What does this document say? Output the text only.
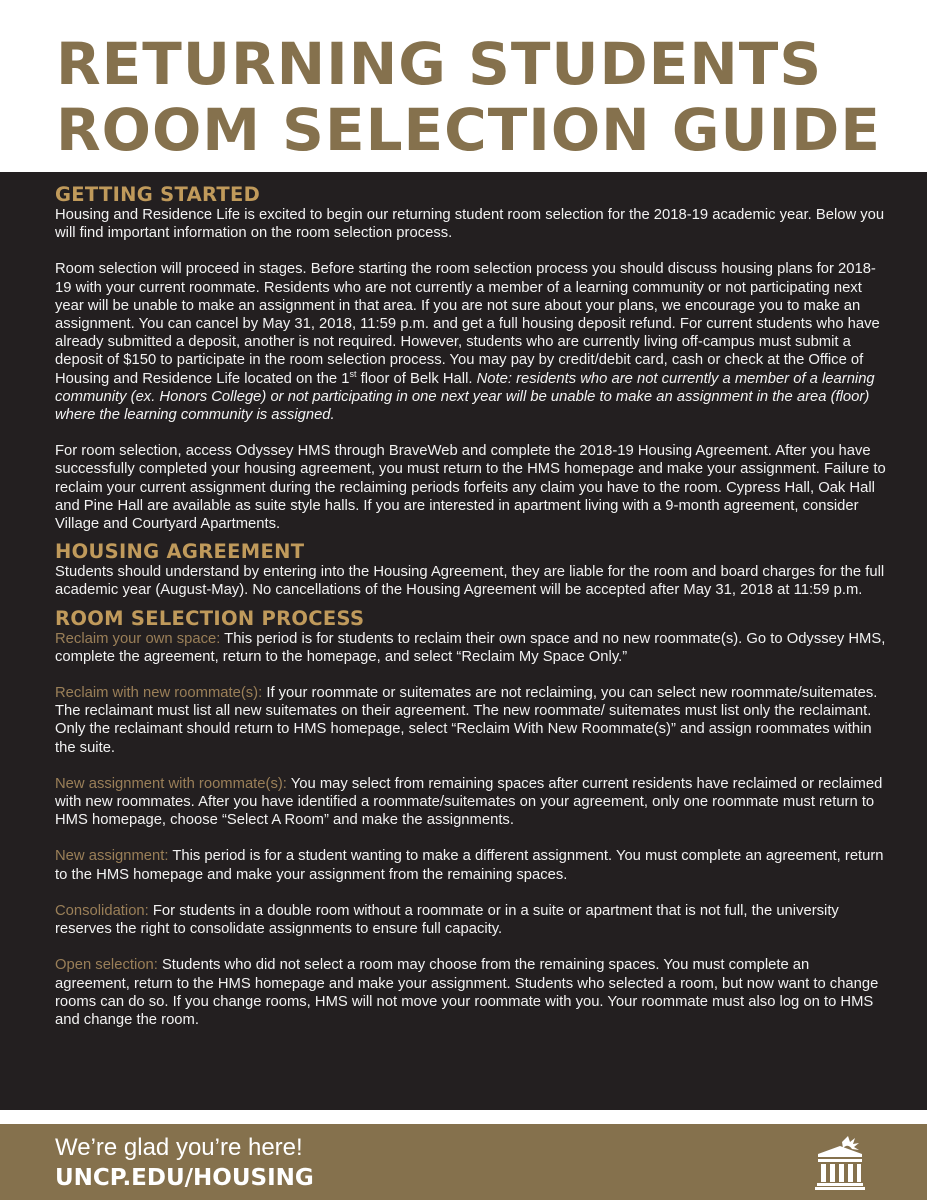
RETURNING STUDENTS
ROOM SELECTION GUIDE
GETTING STARTED

Housing and Residence Life is excited to begin our returning student room selection for the 2018-19 academic year. Below you will find important information on the room selection process.

Room selection will proceed in stages. Before starting the room selection process you should discuss housing plans for 2018-19 with your current roommate. Residents who are not currently a member of a learning community or not participating next year will be unable to make an assignment in that area. If you are not sure about your plans, we encourage you to make an assignment. You can cancel by May 31, 2018, 11:59 p.m. and get a full housing deposit refund. For current students who have already submitted a deposit, another is not required. However, students who are currently living off-campus must submit a deposit of $150 to participate in the room selection process. You may pay by credit/debit card, cash or check at the Office of Housing and Residence Life located on the 1st floor of Belk Hall. Note: residents who are not currently a member of a learning community (ex. Honors College) or not participating in one next year will be unable to make an assignment in the area (floor) where the learning community is assigned.

For room selection, access Odyssey HMS through BraveWeb and complete the 2018-19 Housing Agreement. After you have successfully completed your housing agreement, you must return to the HMS homepage and make your assignment. Failure to reclaim your current assignment during the reclaiming periods forfeits any claim you have to the room. Cypress Hall, Oak Hall and Pine Hall are available as suite style halls. If you are interested in apartment living with a 9-month agreement, consider Village and Courtyard Apartments.

HOUSING AGREEMENT

Students should understand by entering into the Housing Agreement, they are liable for the room and board charges for the full academic year (August-May). No cancellations of the Housing Agreement will be accepted after May 31, 2018 at 11:59 p.m.

ROOM SELECTION PROCESS

Reclaim your own space: This period is for students to reclaim their own space and no new roommate(s). Go to Odyssey HMS, complete the agreement, return to the homepage, and select “Reclaim My Space Only.”

Reclaim with new roommate(s): If your roommate or suitemates are not reclaiming, you can select new roommate/suitemates. The reclaimant must list all new suitemates on their agreement. The new roommate/ suitemates must list only the reclaimant. Only the reclaimant should return to HMS homepage, select “Reclaim With New Roommate(s)” and assign roommates within the suite.

New assignment with roommate(s): You may select from remaining spaces after current residents have reclaimed or reclaimed with new roommates. After you have identified a roommate/suitemates on your agreement, only one roommate must return to HMS homepage, choose “Select A Room” and make the assignments.

New assignment: This period is for a student wanting to make a different assignment. You must complete an agreement, return to the HMS homepage and make your assignment from the remaining spaces.

Consolidation: For students in a double room without a roommate or in a suite or apartment that is not full, the university reserves the right to consolidate assignments to ensure full capacity.

Open selection: Students who did not select a room may choose from the remaining spaces. You must complete an agreement, return to the HMS homepage and make your assignment. Students who selected a room, but now want to change rooms can do so. If you change rooms, HMS will not move your roommate with you. Your roommate must also log on to HMS and change the room.

We’re glad you’re here!
UNCP.EDU/HOUSING
